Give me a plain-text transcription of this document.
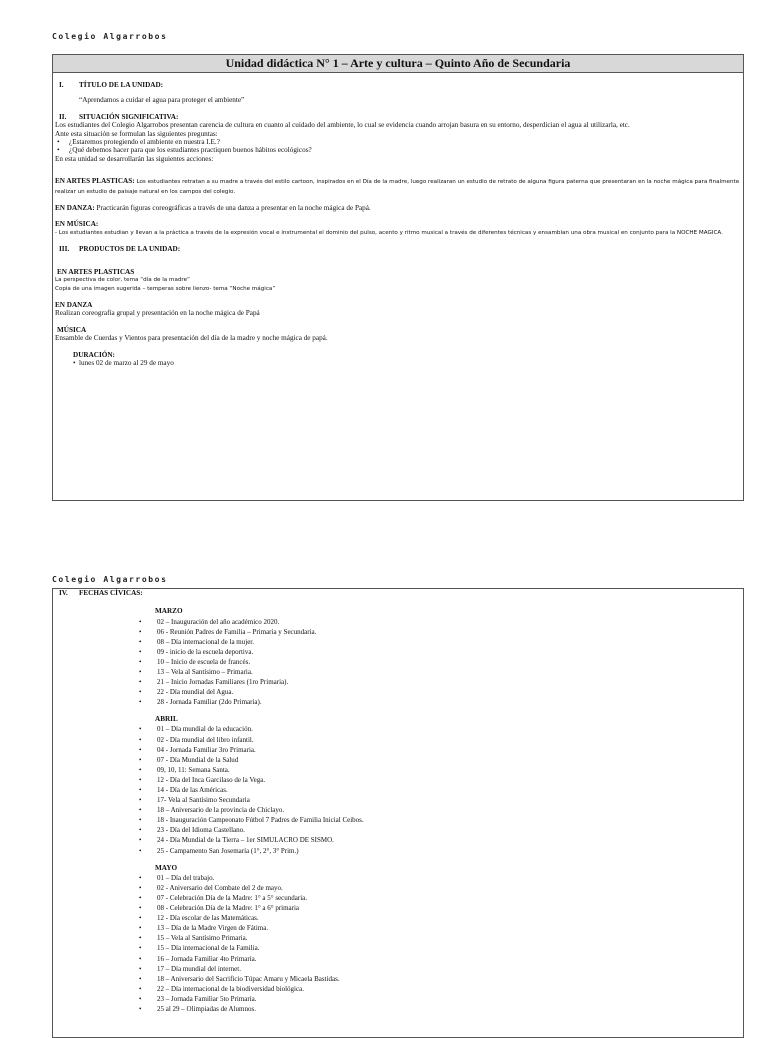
Colegio Algarrobos
Unidad didáctica N° 1 – Arte y cultura – Quinto Año de Secundaria
I. TÍTULO DE LA UNIDAD:
“Aprendamos a cuidar el agua para proteger el ambiente”
II. SITUACIÓN SIGNIFICATIVA:
Los estudiantes del Colegio Algarrobos presentan carencia de cultura en cuanto al cuidado del ambiente, lo cual se evidencia cuando arrojan basura en su entorno, desperdician el agua al utilizarla, etc.
Ante esta situación se formulan las siguientes preguntas:
• ¿Estaremos protegiendo el ambiente en nuestra I.E.?
• ¿Qué debemos hacer para que los estudiantes practiquen buenos hábitos ecológicos?
En esta unidad se desarrollarán las siguientes acciones:
EN ARTES PLASTICAS: Los estudiantes retratan a su madre a través del estilo cartoon, inspirados en el Día de la madre, luego realizaran un estudio de retrato de alguna figura paterna que presentaran en la noche mágica para finalmente realizar un estudio de paisaje natural en los campos del colegio.
EN DANZA: Practicarán figuras coreográficas a través de una danza a presentar en la noche mágica de Papá.
EN MÚSICA:
- Los estudiantes estudian y llevan a la práctica a través de la expresión vocal e instrumental el dominio del pulso, acento y ritmo musical a través de diferentes técnicas y ensamblan una obra musical en conjunto para la NOCHE MAGICA.
III. PRODUCTOS DE LA UNIDAD:
EN ARTES PLASTICAS
La perspectiva de color, tema “día de la madre”
Copia de una imagen sugerida – temperas sobre lienzo- tema “Noche mágica”
EN DANZA
Realizan coreografía grupal y presentación en la noche mágica de Papá
MÚSICA
Ensamble de Cuerdas y Vientos para presentación del día de la madre y noche mágica de papá.
DURACIÓN:
• lunes 02 de marzo al 29 de mayo
Colegio Algarrobos
IV. FECHAS CÍVICAS:
MARZO
• 02 – Inauguración del año académico 2020.
• 06 - Reunión Padres de Familia – Primaria y Secundaria.
• 08 – Día internacional de la mujer.
• 09 - inicio de la escuela deportiva.
• 10 – Inicio de escuela de francés.
• 13 – Vela al Santísimo – Primaria.
• 21 – Inicio Jornadas Familiares (1ro Primaria).
• 22 - Día mundial del Agua.
• 28 - Jornada Familiar (2do Primaria).
ABRIL
• 01 – Día mundial de la educación.
• 02 - Día mundial del libro infantil.
• 04 - Jornada Familiar 3ro Primaria.
• 07 - Día Mundial de la Salud
• 09, 10, 11: Semana Santa.
• 12 - Día del Inca Garcilaso de la Vega.
• 14 - Día de las Américas.
• 17- Vela al Santísimo Secundaria
• 18 – Aniversario de la provincia de Chiclayo.
• 18 - Inauguración Campeonato Fútbol 7 Padres de Familia Inicial Ceibos.
• 23 - Día del Idioma Castellano.
• 24 - Día Mundial de la Tierra – 1er SIMULACRO DE SISMO.
• 25 - Campamento San Josemaría (1°, 2°, 3° Prim.)
MAYO
• 01 – Día del trabajo.
• 02 - Aniversario del Combate del 2 de mayo.
• 07 - Celebración Día de la Madre: 1° a 5° secundaria.
• 08 - Celebración Día de la Madre: 1° a 6° primaria
• 12 - Día escolar de las Matemáticas.
• 13 – Día de la Madre Virgen de Fátima.
• 15 – Vela al Santísimo Primaria.
• 15 – Día internacional de la Familia.
• 16 – Jornada Familiar 4to Primaria.
• 17 – Día mundial del internet.
• 18 – Aniversario del Sacrificio Túpac Amaru y Micaela Bastidas.
• 22 – Día internacional de la biodiversidad biológica.
• 23 – Jornada Familiar 5to Primaria.
• 25 al 29 – Olimpiadas de Alumnos.
